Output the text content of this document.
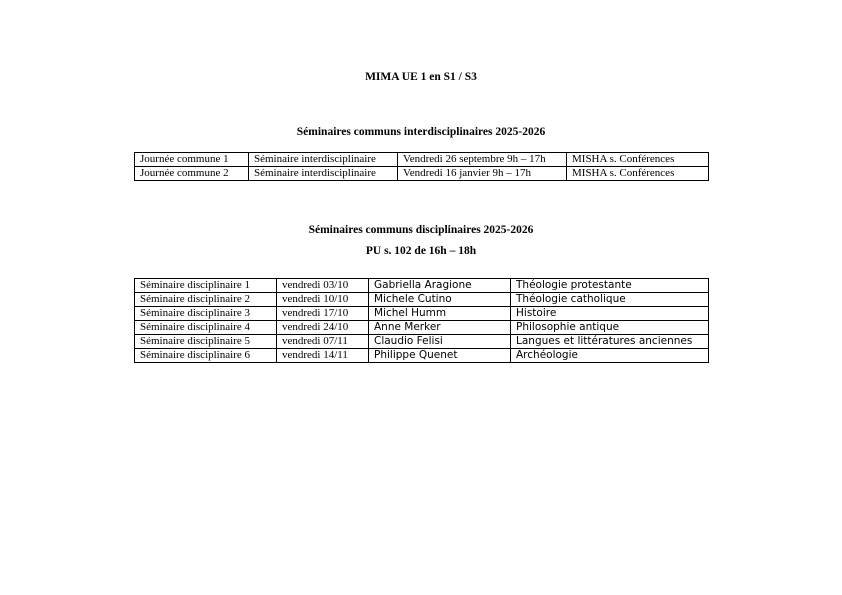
MIMA UE 1 en S1 / S3
Séminaires communs interdisciplinaires 2025-2026
Journée commune 1	Séminaire interdisciplinaire	Vendredi 26 septembre 9h – 17h	MISHA s. Conférences
Journée commune 2	Séminaire interdisciplinaire	Vendredi 16 janvier 9h – 17h	MISHA s. Conférences
Séminaires communs disciplinaires 2025-2026
PU s. 102 de 16h – 18h
Séminaire disciplinaire 1	vendredi 03/10	Gabriella Aragione	Théologie protestante
Séminaire disciplinaire 2	vendredi 10/10	Michele Cutino	Théologie catholique
Séminaire disciplinaire 3	vendredi 17/10	Michel Humm	Histoire
Séminaire disciplinaire 4	vendredi 24/10	Anne Merker	Philosophie antique
Séminaire disciplinaire 5	vendredi 07/11	Claudio Felisi	Langues et littératures anciennes
Séminaire disciplinaire 6	vendredi 14/11	Philippe Quenet	Archéologie
